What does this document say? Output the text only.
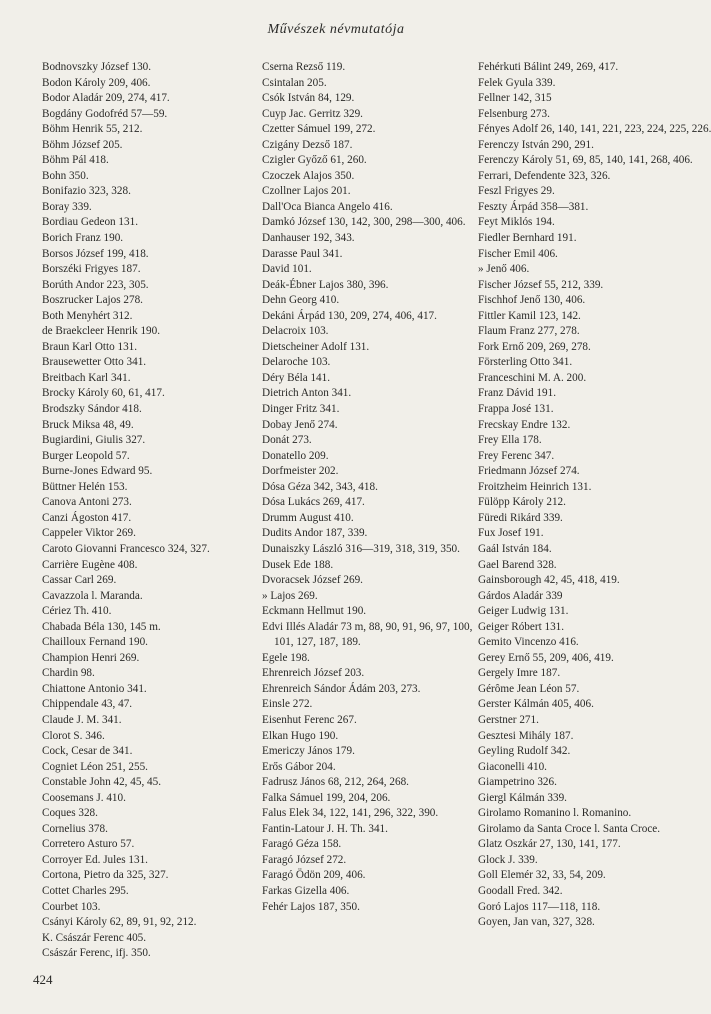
Művészek névmutatója
Bodnovszky József 130.
Bodon Károly 209, 406.
Bodor Aladár 209, 274, 417.
Bogdány Godofréd 57—59.
Böhm Henrik 55, 212.
Böhm József 205.
Böhm Pál 418.
Bohn 350.
Bonifazio 323, 328.
Boray 339.
Bordiau Gedeon 131.
Borich Franz 190.
Borsos József 199, 418.
Borszéki Frigyes 187.
Borúth Andor 223, 305.
Boszrucker Lajos 278.
Both Menyhért 312.
de Braekcleer Henrik 190.
Braun Karl Otto 131.
Brausewetter Otto 341.
Breitbach Karl 341.
Brocky Károly 60, 61, 417.
Brodszky Sándor 418.
Bruck Miksa 48, 49.
Bugiardini, Giulis 327.
Burger Leopold 57.
Burne-Jones Edward 95.
Büttner Helén 153.
Canova Antoni 273.
Canzi Ágoston 417.
Cappeler Viktor 269.
Caroto Giovanni Francesco 324, 327.
Carrière Eugène 408.
Cassar Carl 269.
Cavazzola l. Maranda.
Cériez Th. 410.
Chabada Béla 130, 145 m.
Chailloux Fernand 190.
Champion Henri 269.
Chardin 98.
Chiattone Antonio 341.
Chippendale 43, 47.
Claude J. M. 341.
Clorot S. 346.
Cock, Cesar de 341.
Cogniet Léon 251, 255.
Constable John 42, 45, 45.
Coosemans J. 410.
Coques 328.
Cornelius 378.
Corretero Asturo 57.
Corroyer Ed. Jules 131.
Cortona, Pietro da 325, 327.
Cottet Charles 295.
Courbet 103.
Csányi Károly 62, 89, 91, 92, 212.
K. Császár Ferenc 405.
Császár Ferenc, ifj. 350.
Cserna Rezső 119.
Csintalan 205.
Csók István 84, 129.
Cuyp Jac. Gerritz 329.
Czetter Sámuel 199, 272.
Czigány Dezső 187.
Czigler Győző 61, 260.
Czoczek Alajos 350.
Czollner Lajos 201.
Dall'Oca Bianca Angelo 416.
Damkó József 130, 142, 300, 298—300, 406.
Danhauser 192, 343.
Darasse Paul 341.
David 101.
Deák-Ébner Lajos 380, 396.
Dehn Georg 410.
Dekáni Árpád 130, 209, 274, 406, 417.
Delacroix 103.
Dietscheiner Adolf 131.
Delaroche 103.
Déry Béla 141.
Dietrich Anton 341.
Dinger Fritz 341.
Dobay Jenő 274.
Donát 273.
Donatello 209.
Dorfmeister 202.
Dósa Géza 342, 343, 418.
Dósa Lukács 269, 417.
Drumm August 410.
Dudits Andor 187, 339.
Dunaiszky László 316—319, 318, 319, 350.
Dusek Ede 188.
Dvoracsek József 269.
» Lajos 269.
Eckmann Hellmut 190.
Edvi Illés Aladár 73 m, 88, 90, 91, 96, 97, 100, 101, 127, 187, 189.
Egele 198.
Ehrenreich József 203.
Ehrenreich Sándor Ádám 203, 273.
Einsle 272.
Eisenhut Ferenc 267.
Elkan Hugo 190.
Emericzy János 179.
Erős Gábor 204.
Fadrusz János 68, 212, 264, 268.
Falka Sámuel 199, 204, 206.
Falus Elek 34, 122, 141, 296, 322, 390.
Fantin-Latour J. H. Th. 341.
Faragó Géza 158.
Faragó József 272.
Faragó Ödön 209, 406.
Farkas Gizella 406.
Fehér Lajos 187, 350.
Fehérkuti Bálint 249, 269, 417.
Felek Gyula 339.
Fellner 142, 315
Felsenburg 273.
Fényes Adolf 26, 140, 141, 221, 223, 224, 225, 226.
Ferenczy István 290, 291.
Ferenczy Károly 51, 69, 85, 140, 141, 268, 406.
Ferrari, Defendente 323, 326.
Feszl Frigyes 29.
Feszty Árpád 358—381.
Feyt Miklós 194.
Fiedler Bernhard 191.
Fischer Emil 406.
» Jenő 406.
Fischer József 55, 212, 339.
Fischhof Jenő 130, 406.
Fittler Kamil 123, 142.
Flaum Franz 277, 278.
Fork Ernő 209, 269, 278.
Försterling Otto 341.
Franceschini M. A. 200.
Franz Dávid 191.
Frappa José 131.
Frecskay Endre 132.
Frey Ella 178.
Frey Ferenc 347.
Friedmann József 274.
Froitzheim Heinrich 131.
Fülöpp Károly 212.
Füredi Rikárd 339.
Fux Josef 191.
Gaál István 184.
Gael Barend 328.
Gainsborough 42, 45, 418, 419.
Gárdos Aladár 339
Geiger Ludwig 131.
Geiger Róbert 131.
Gemito Vincenzo 416.
Gerey Ernő 55, 209, 406, 419.
Gergely Imre 187.
Gérôme Jean Léon 57.
Gerster Kálmán 405, 406.
Gerstner 271.
Gesztesi Mihály 187.
Geyling Rudolf 342.
Giaconelli 410.
Giampetrino 326.
Giergl Kálmán 339.
Girolamo Romanino l. Romanino.
Girolamo da Santa Croce l. Santa Croce.
Glatz Oszkár 27, 130, 141, 177.
Glock J. 339.
Goll Elemér 32, 33, 54, 209.
Goodall Fred. 342.
Goró Lajos 117—118, 118.
Goyen, Jan van, 327, 328.
424
